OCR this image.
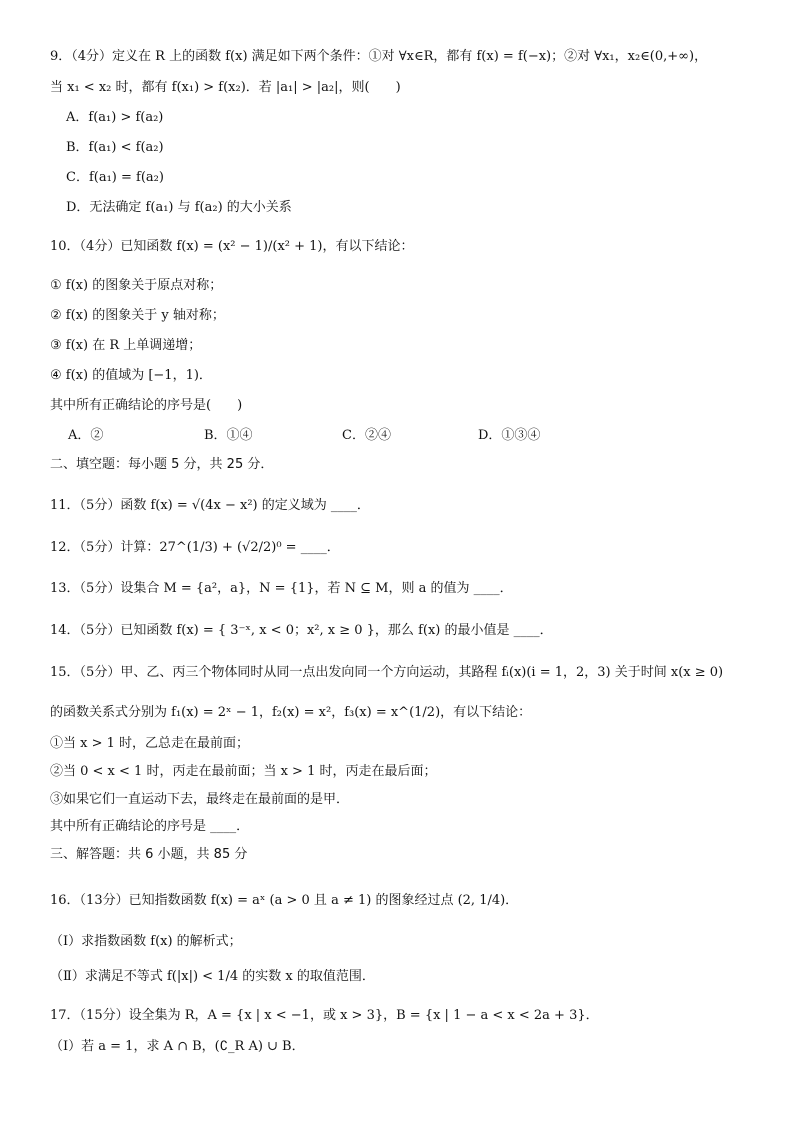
9．（4分）定义在 R 上的函数 f(x) 满足如下两个条件：①对 ∀x∈R，都有 f(x) = f(−x)；②对 ∀x₁，x₂∈(0,+∞)，
当 x₁ < x₂ 时，都有 f(x₁) > f(x₂)．若 |a₁| > |a₂|，则(　　)
A．f(a₁) > f(a₂)
B．f(a₁) < f(a₂)
C．f(a₁) = f(a₂)
D．无法确定 f(a₁) 与 f(a₂) 的大小关系
10．（4分）已知函数 f(x) = (x² − 1)/(x² + 1)，有以下结论：
① f(x) 的图象关于原点对称；
② f(x) 的图象关于 y 轴对称；
③ f(x) 在 R 上单调递增；
④ f(x) 的值域为 [−1，1)．
其中所有正确结论的序号是(　　)
A．②	B．①④	C．②④	D．①③④
二、填空题：每小题 5 分，共 25 分．
11．（5分）函数 f(x) = √(4x − x²) 的定义域为 ____．
12．（5分）计算：27^(1/3) + (√2/2)⁰ = ____．
13．（5分）设集合 M = {a²，a}，N = {1}，若 N ⊆ M，则 a 的值为 ____．
14．（5分）已知函数 f(x) = { 3⁻ˣ, x < 0；x², x ≥ 0 }，那么 f(x) 的最小值是 ____．
15．（5分）甲、乙、丙三个物体同时从同一点出发向同一个方向运动，其路程 fᵢ(x)(i = 1，2，3) 关于时间 x(x ≥ 0)
的函数关系式分别为 f₁(x) = 2ˣ − 1，f₂(x) = x²，f₃(x) = x^(1/2)，有以下结论：
①当 x > 1 时，乙总走在最前面；
②当 0 < x < 1 时，丙走在最前面；当 x > 1 时，丙走在最后面；
③如果它们一直运动下去，最终走在最前面的是甲．
其中所有正确结论的序号是 ____．
三、解答题：共 6 小题，共 85 分
16．（13分）已知指数函数 f(x) = aˣ (a > 0 且 a ≠ 1) 的图象经过点 (2, 1/4)．
（Ⅰ）求指数函数 f(x) 的解析式；
（Ⅱ）求满足不等式 f(|x|) < 1/4 的实数 x 的取值范围．
17．（15分）设全集为 R，A = {x | x < −1，或 x > 3}，B = {x | 1 − a < x < 2a + 3}．
（Ⅰ）若 a = 1，求 A ∩ B，(∁_R A) ∪ B．
